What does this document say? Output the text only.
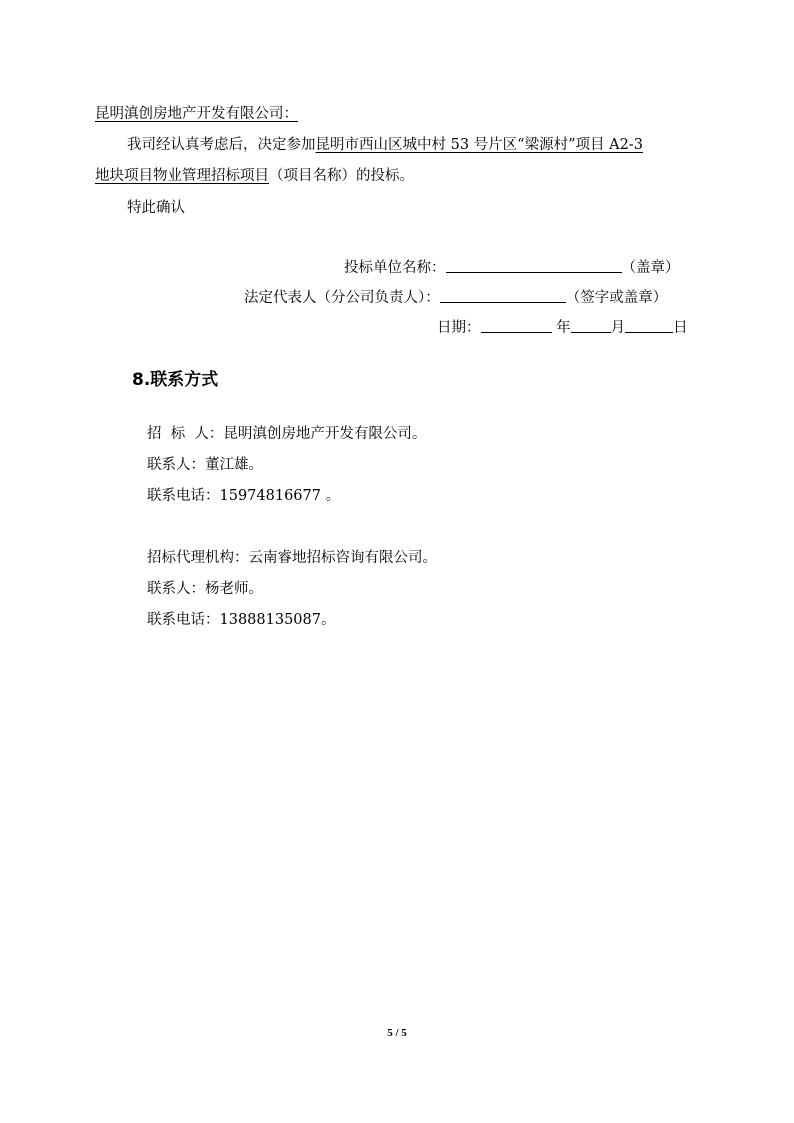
昆明滇创房地产开发有限公司：
我司经认真考虑后，决定参加昆明市西山区城中村 53 号片区“梁源村”项目 A2-3
地块项目物业管理招标项目（项目名称）的投标。
特此确认
投标单位名称：	（盖章）
法定代表人（分公司负责人）：	（签字或盖章）
日期：	年	月	日
8.联系方式
招  标  人：昆明滇创房地产开发有限公司。
联系人：董江雄。
联系电话：15974816677 。
招标代理机构：云南睿地招标咨询有限公司。
联系人：杨老师。
联系电话：13888135087。
5 / 5
